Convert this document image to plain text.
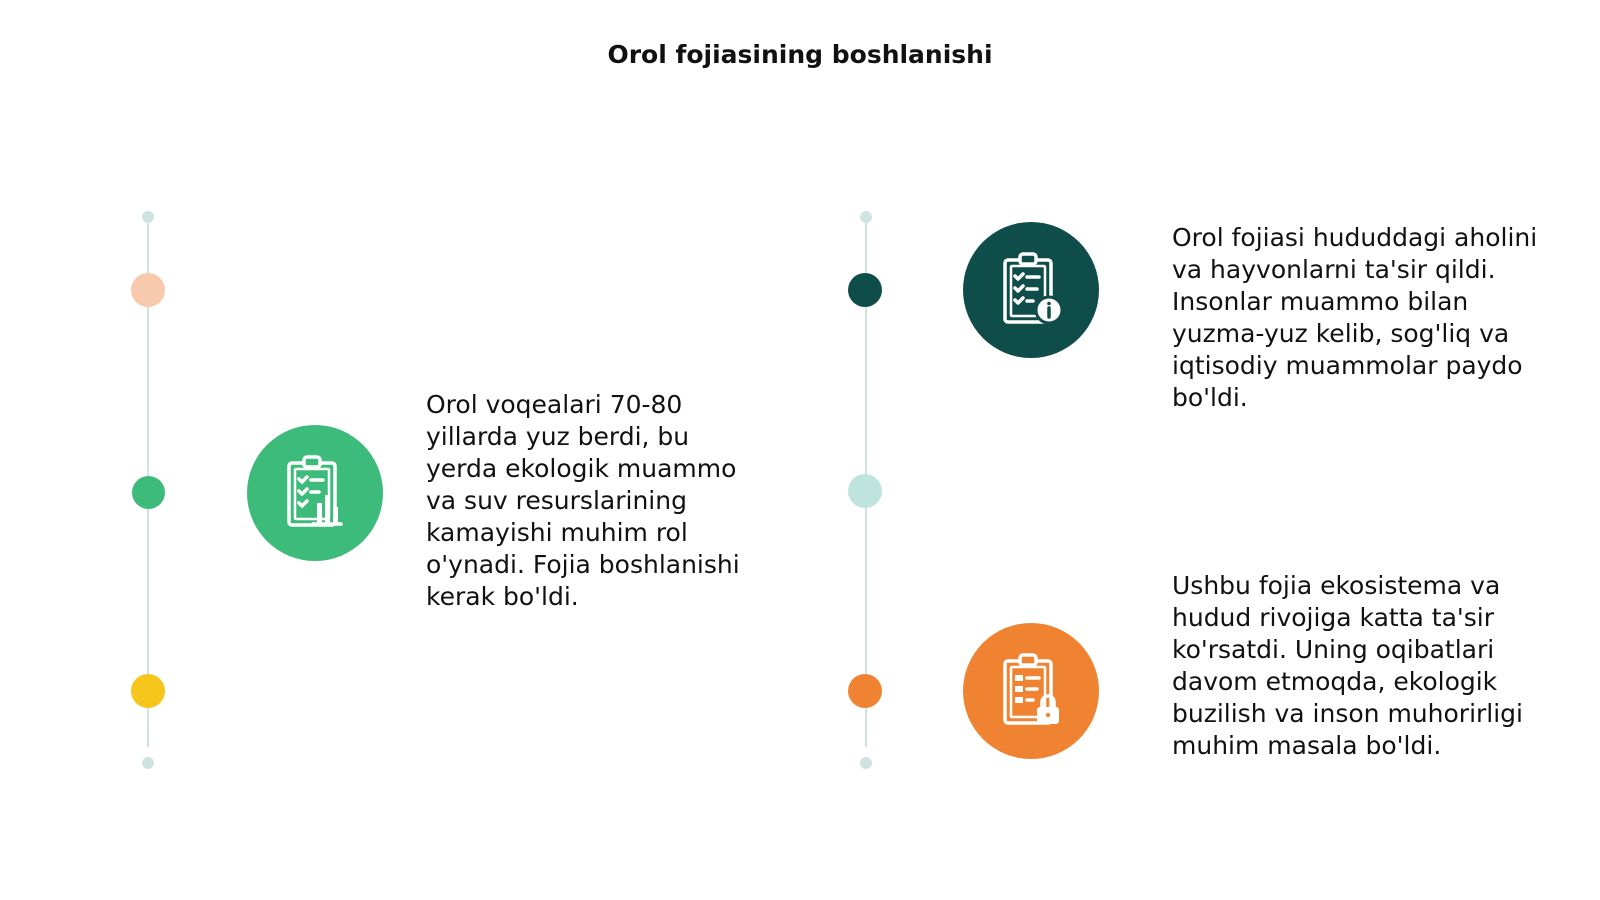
Orol fojiasining boshlanishi
Orol voqealari 70-80 yillarda yuz berdi, bu yerda ekologik muammo va suv resurslarining kamayishi muhim rol o'ynadi. Fojia boshlanishi kerak bo'ldi.
Orol fojiasi hududdagi aholini va hayvonlarni ta'sir qildi. Insonlar muammo bilan yuzma-yuz kelib, sog'liq va iqtisodiy muammolar paydo bo'ldi.
Ushbu fojia ekosistema va hudud rivojiga katta ta'sir ko'rsatdi. Uning oqibatlari davom etmoqda, ekologik buzilish va inson muhorirligi muhim masala bo'ldi.
